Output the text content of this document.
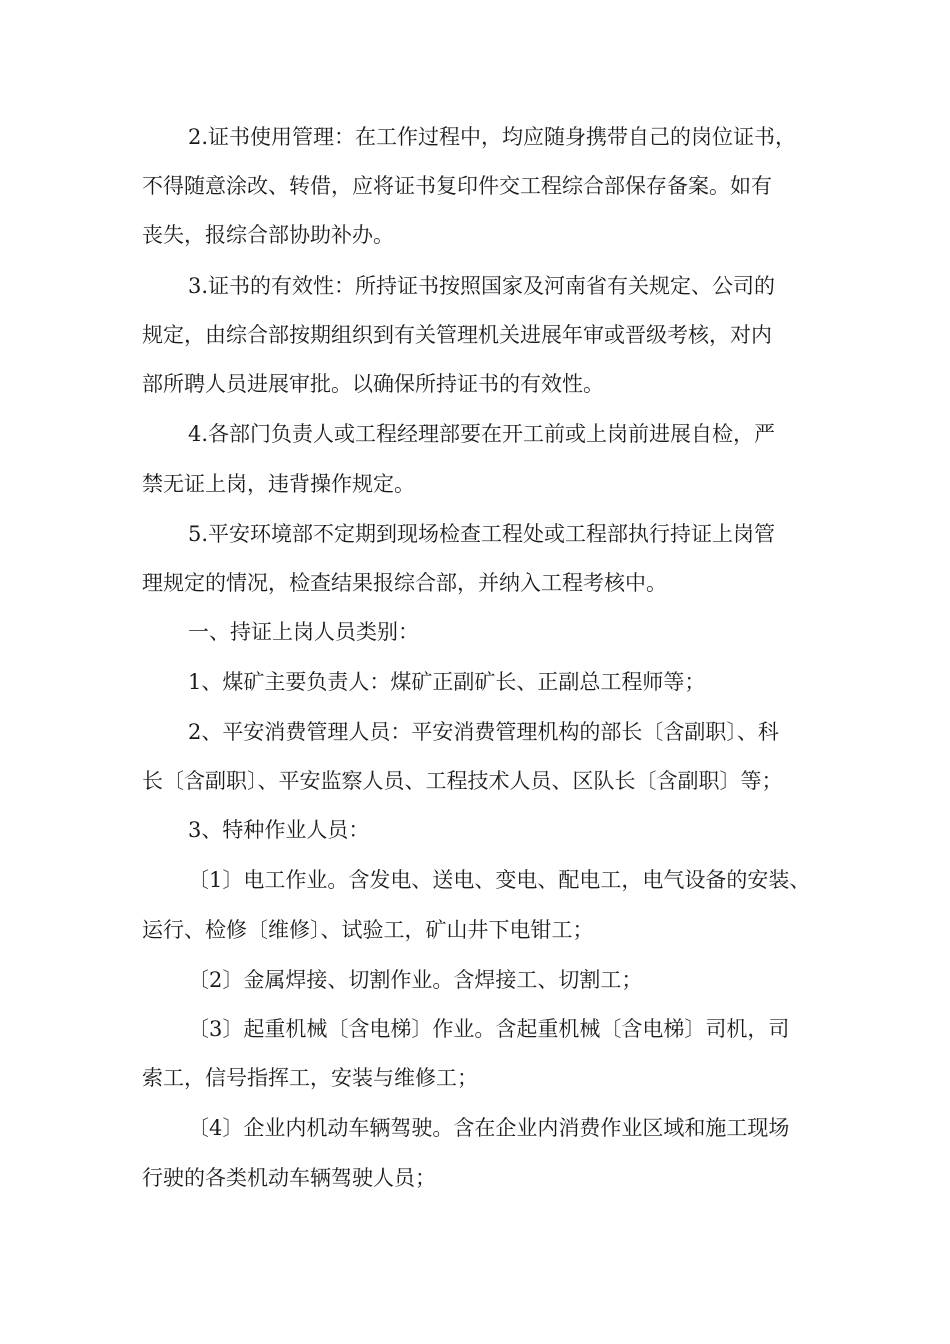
2.证书使用管理：在工作过程中，均应随身携带自己的岗位证书，
不得随意涂改、转借，应将证书复印件交工程综合部保存备案。如有
丧失，报综合部协助补办。
3.证书的有效性：所持证书按照国家及河南省有关规定、公司的
规定，由综合部按期组织到有关管理机关进展年审或晋级考核，对内
部所聘人员进展审批。以确保所持证书的有效性。
4.各部门负责人或工程经理部要在开工前或上岗前进展自检，严
禁无证上岗，违背操作规定。
5.平安环境部不定期到现场检查工程处或工程部执行持证上岗管
理规定的情况，检查结果报综合部，并纳入工程考核中。
一、持证上岗人员类别：
1、煤矿主要负责人：煤矿正副矿长、正副总工程师等；
2、平安消费管理人员：平安消费管理机构的部长〔含副职〕、科
长〔含副职〕、平安监察人员、工程技术人员、区队长〔含副职〕等；
3、特种作业人员：
〔1〕电工作业。含发电、送电、变电、配电工，电气设备的安装、
运行、检修〔维修〕、试验工，矿山井下电钳工；
〔2〕金属焊接、切割作业。含焊接工、切割工；
〔3〕起重机械〔含电梯〕作业。含起重机械〔含电梯〕司机，司
索工，信号指挥工，安装与维修工；
〔4〕企业内机动车辆驾驶。含在企业内消费作业区域和施工现场
行驶的各类机动车辆驾驶人员；
